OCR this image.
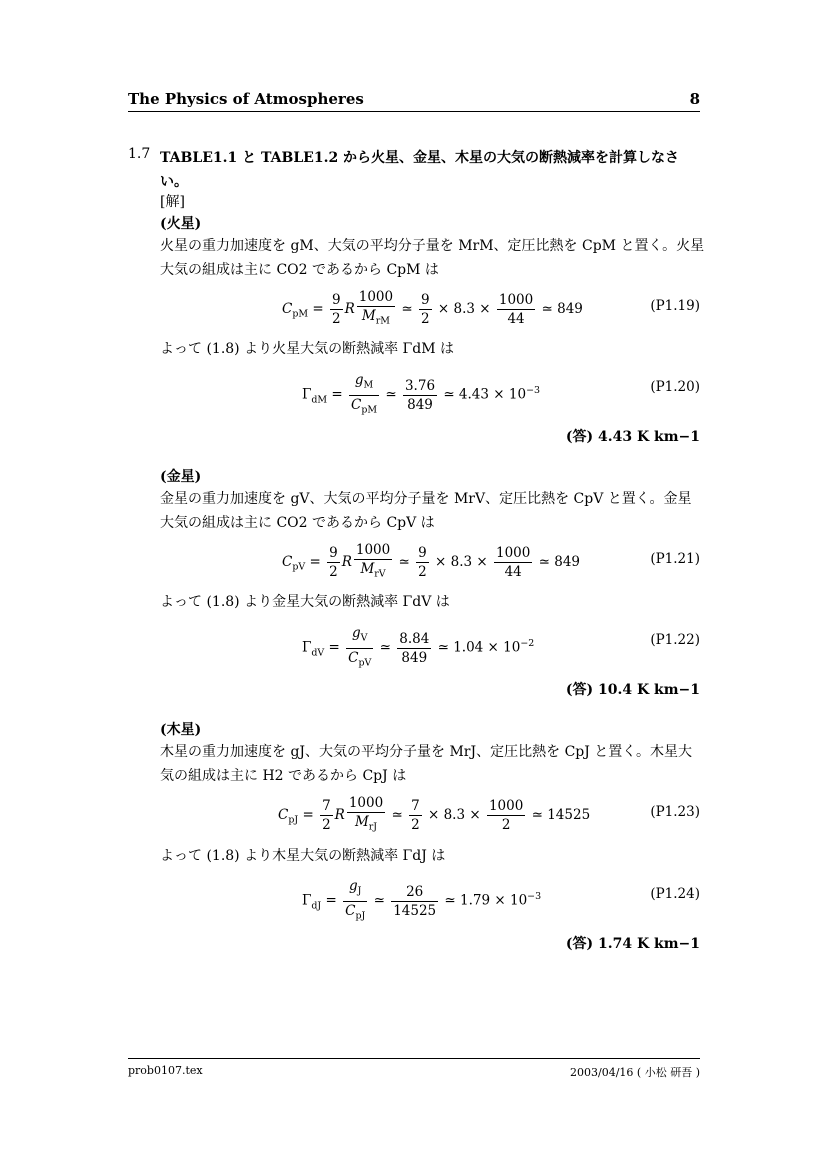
The Physics of Atmospheres	8
1.7 TABLE1.1 と TABLE1.2 から火星、金星、木星の大気の断熱減率を計算しなさい。
[解]
(火星)
火星の重力加速度を gM、大気の平均分子量を MrM、定圧比熱を CpM と置く。火星大気の組成は主に CO2 であるから CpM は
$C_{pM} = \frac{9}{2}$ R $\frac{1000}{M_{rM}}$ ≃ $\frac{9}{2} \times 8.3 \times \frac{1000}{44}$ ≃ 849	(P1.19)
よって (1.8) より火星大気の断熱減率 ΓdM は
$\Gamma_{dM} = \frac{g_M}{C_{pM}}$ ≃ $\frac{3.76}{849}$ ≃ $4.43 \times 10^{-3}$	(P1.20)
(答) 4.43 K km−1
(金星)
金星の重力加速度を gV、大気の平均分子量を MrV、定圧比熱を CpV と置く。金星大気の組成は主に CO2 であるから CpV は
$C_{pV} = \frac{9}{2}$ R $\frac{1000}{M_{rV}}$ ≃ $\frac{9}{2} \times 8.3 \times \frac{1000}{44}$ ≃ 849	(P1.21)
よって (1.8) より金星大気の断熱減率 ΓdV は
$\Gamma_{dV} = \frac{g_V}{C_{pV}}$ ≃ $\frac{8.84}{849}$ ≃ $1.04 \times 10^{-2}$	(P1.22)
(答) 10.4 K km−1
(木星)
木星の重力加速度を gJ、大気の平均分子量を MrJ、定圧比熱を CpJ と置く。木星大気の組成は主に H2 であるから CpJ は
$C_{pJ} = \frac{7}{2}$ R $\frac{1000}{M_{rJ}}$ ≃ $\frac{7}{2} \times 8.3 \times \frac{1000}{2}$ ≃ 14525	(P1.23)
よって (1.8) より木星大気の断熱減率 ΓdJ は
$\Gamma_{dJ} = \frac{g_J}{C_{pJ}}$ ≃ $\frac{26}{14525}$ ≃ $1.79 \times 10^{-3}$	(P1.24)
(答) 1.74 K km−1
prob0107.tex	2003/04/16 ( 小松 研吾 )
